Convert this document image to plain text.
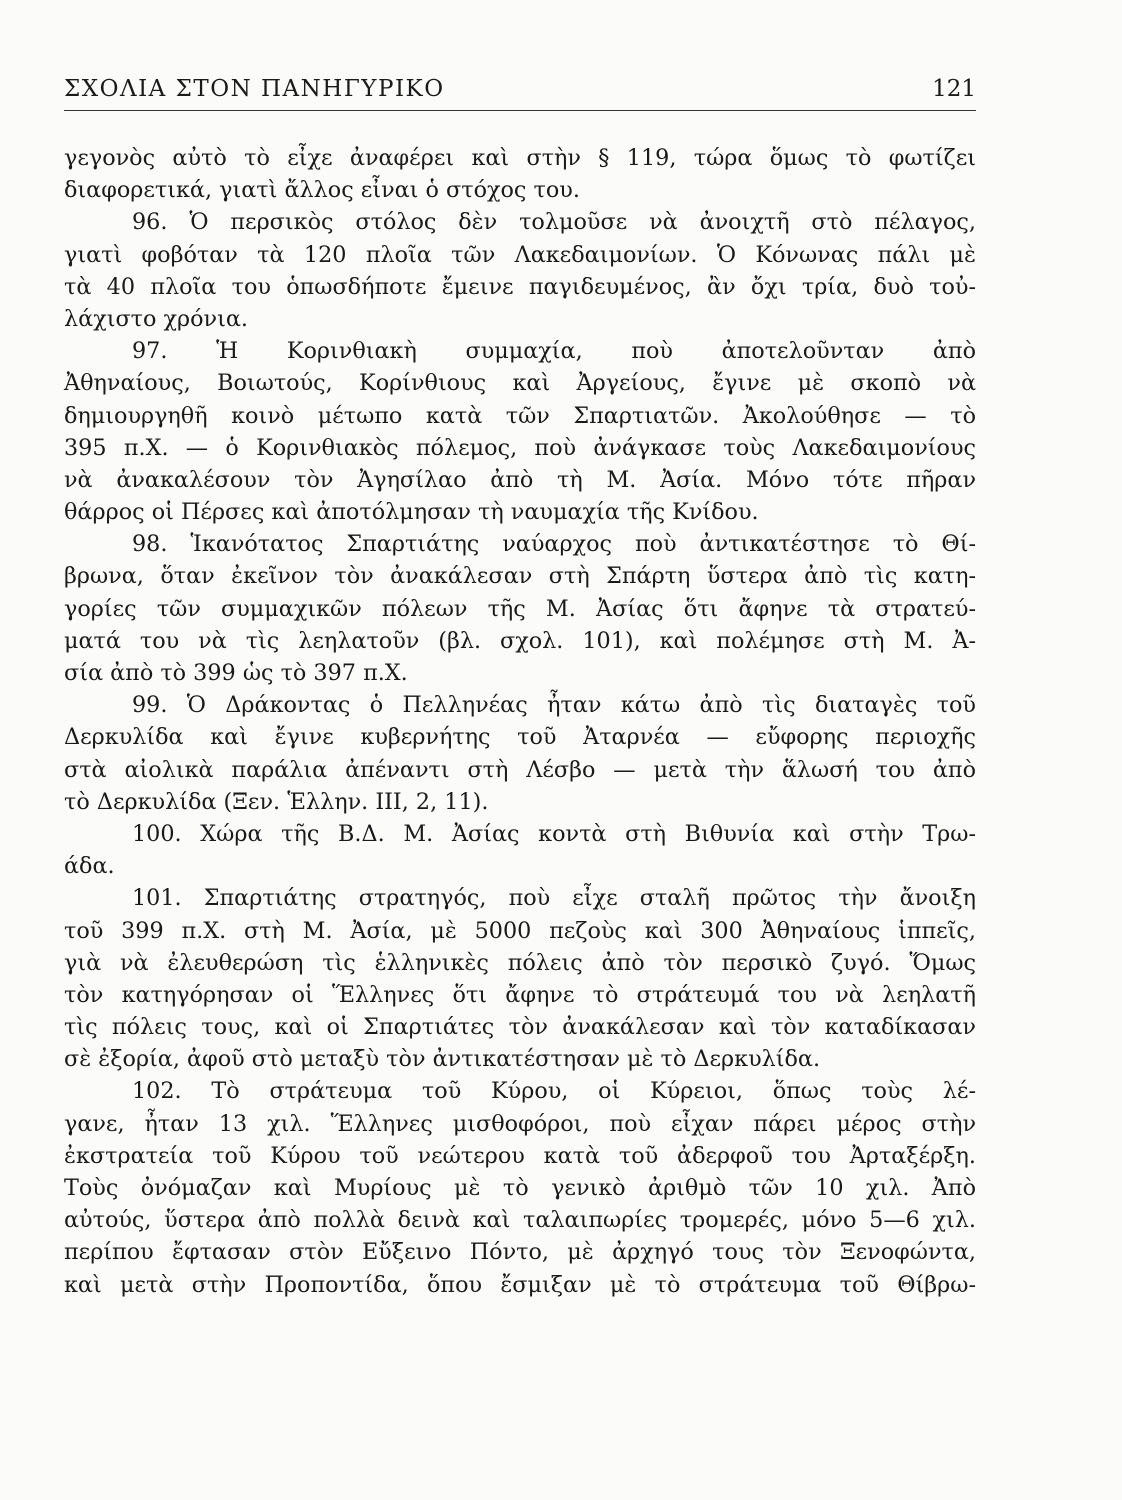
ΣΧΟΛΙΑ ΣΤΟΝ ΠΑΝΗΓΥΡΙΚΟ	121
γεγονὸς αὐτὸ τὸ εἶχε ἀναφέρει καὶ στὴν § 119, τώρα ὅμως τὸ φωτίζει
διαφορετικά, γιατὶ ἄλλος εἶναι ὁ στόχος του.
96. Ὁ περσικὸς στόλος δὲν τολμοῦσε νὰ ἀνοιχτῆ στὸ πέλαγος,
γιατὶ φοβόταν τὰ 120 πλοῖα τῶν Λακεδαιμονίων. Ὁ Κόνωνας πάλι μὲ
τὰ 40 πλοῖα του ὁπωσδήποτε ἔμεινε παγιδευμένος, ἂν ὄχι τρία, δυὸ τοὐ-
λάχιστο χρόνια.
97. Ἡ Κορινθιακὴ συμμαχία, ποὺ ἀποτελοῦνταν ἀπὸ
Ἀθηναίους, Βοιωτούς, Κορίνθιους καὶ Ἀργείους, ἔγινε μὲ σκοπὸ νὰ
δημιουργηθῆ κοινὸ μέτωπο κατὰ τῶν Σπαρτιατῶν. Ἀκολούθησε — τὸ
395 π.Χ. — ὁ Κορινθιακὸς πόλεμος, ποὺ ἀνάγκασε τοὺς Λακεδαιμονίους
νὰ ἀνακαλέσουν τὸν Ἀγησίλαο ἀπὸ τὴ Μ. Ἀσία. Μόνο τότε πῆραν
θάρρος οἱ Πέρσες καὶ ἀποτόλμησαν τὴ ναυμαχία τῆς Κνίδου.
98. Ἱκανότατος Σπαρτιάτης ναύαρχος ποὺ ἀντικατέστησε τὸ Θί-
βρωνα, ὅταν ἐκεῖνον τὸν ἀνακάλεσαν στὴ Σπάρτη ὕστερα ἀπὸ τὶς κατη-
γορίες τῶν συμμαχικῶν πόλεων τῆς Μ. Ἀσίας ὅτι ἄφηνε τὰ στρατεύ-
ματά του νὰ τὶς λεηλατοῦν (βλ. σχολ. 101), καὶ πολέμησε στὴ Μ. Ἀ-
σία ἀπὸ τὸ 399 ὡς τὸ 397 π.Χ.
99. Ὁ Δράκοντας ὁ Πελληνέας ἦταν κάτω ἀπὸ τὶς διαταγὲς τοῦ
Δερκυλίδα καὶ ἔγινε κυβερνήτης τοῦ Ἀταρνέα — εὔφορης περιοχῆς
στὰ αἰολικὰ παράλια ἀπέναντι στὴ Λέσβο — μετὰ τὴν ἅλωσή του ἀπὸ
τὸ Δερκυλίδα (Ξεν. Ἑλλην. III, 2, 11).
100. Χώρα τῆς Β.Δ. Μ. Ἀσίας κοντὰ στὴ Βιθυνία καὶ στὴν Τρω-
άδα.
101. Σπαρτιάτης στρατηγός, ποὺ εἶχε σταλῆ πρῶτος τὴν ἄνοιξη
τοῦ 399 π.Χ. στὴ Μ. Ἀσία, μὲ 5000 πεζοὺς καὶ 300 Ἀθηναίους ἱππεῖς,
γιὰ νὰ ἐλευθερώση τὶς ἑλληνικὲς πόλεις ἀπὸ τὸν περσικὸ ζυγό. Ὅμως
τὸν κατηγόρησαν οἱ Ἕλληνες ὅτι ἄφηνε τὸ στράτευμά του νὰ λεηλατῆ
τὶς πόλεις τους, καὶ οἱ Σπαρτιάτες τὸν ἀνακάλεσαν καὶ τὸν καταδίκασαν
σὲ ἐξορία, ἀφοῦ στὸ μεταξὺ τὸν ἀντικατέστησαν μὲ τὸ Δερκυλίδα.
102. Τὸ στράτευμα τοῦ Κύρου, οἱ Κύρειοι, ὅπως τοὺς λέ-
γανε, ἦταν 13 χιλ. Ἕλληνες μισθοφόροι, ποὺ εἶχαν πάρει μέρος στὴν
ἐκστρατεία τοῦ Κύρου τοῦ νεώτερου κατὰ τοῦ ἀδερφοῦ του Ἀρταξέρξη.
Τοὺς ὀνόμαζαν καὶ Μυρίους μὲ τὸ γενικὸ ἀριθμὸ τῶν 10 χιλ. Ἀπὸ
αὐτούς, ὕστερα ἀπὸ πολλὰ δεινὰ καὶ ταλαιπωρίες τρομερές, μόνο 5—6 χιλ.
περίπου ἔφτασαν στὸν Εὔξεινο Πόντο, μὲ ἀρχηγό τους τὸν Ξενοφώντα,
καὶ μετὰ στὴν Προποντίδα, ὅπου ἔσμιξαν μὲ τὸ στράτευμα τοῦ Θίβρω-
